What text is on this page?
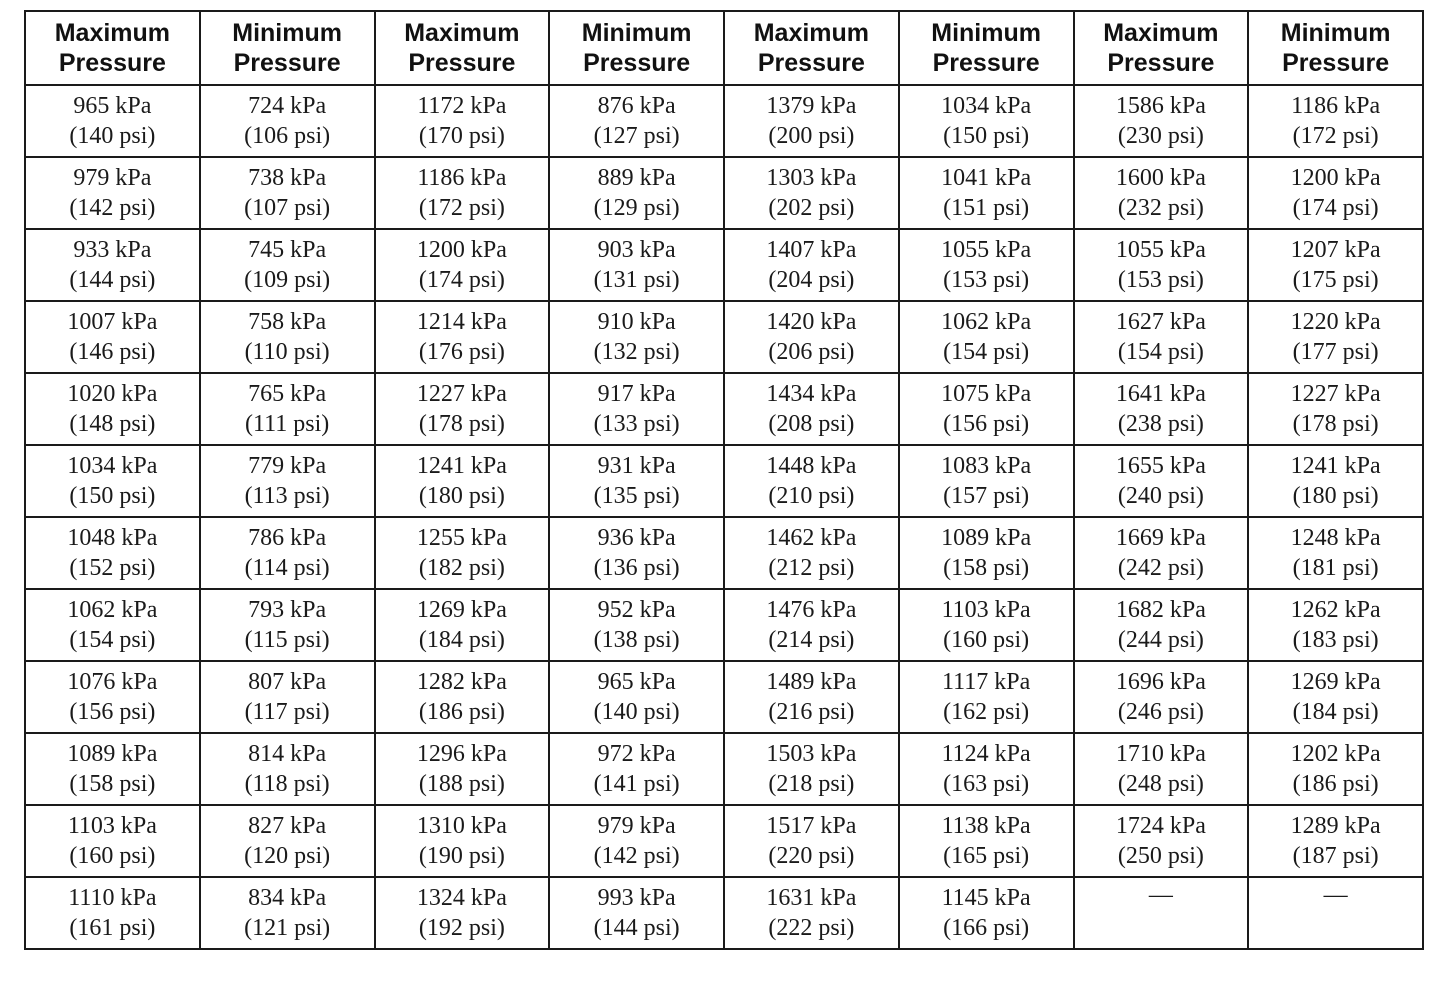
Maximum
Pressure	Minimum
Pressure	Maximum
Pressure	Minimum
Pressure	Maximum
Pressure	Minimum
Pressure	Maximum
Pressure	Minimum
Pressure

965 kPa
(140 psi)	724 kPa
(106 psi)	1172 kPa
(170 psi)	876 kPa
(127 psi)	1379 kPa
(200 psi)	1034 kPa
(150 psi)	1586 kPa
(230 psi)	1186 kPa
(172 psi)

979 kPa
(142 psi)	738 kPa
(107 psi)	1186 kPa
(172 psi)	889 kPa
(129 psi)	1303 kPa
(202 psi)	1041 kPa
(151 psi)	1600 kPa
(232 psi)	1200 kPa
(174 psi)

933 kPa
(144 psi)	745 kPa
(109 psi)	1200 kPa
(174 psi)	903 kPa
(131 psi)	1407 kPa
(204 psi)	1055 kPa
(153 psi)	1055 kPa
(153 psi)	1207 kPa
(175 psi)

1007 kPa
(146 psi)	758 kPa
(110 psi)	1214 kPa
(176 psi)	910 kPa
(132 psi)	1420 kPa
(206 psi)	1062 kPa
(154 psi)	1627 kPa
(154 psi)	1220 kPa
(177 psi)

1020 kPa
(148 psi)	765 kPa
(111 psi)	1227 kPa
(178 psi)	917 kPa
(133 psi)	1434 kPa
(208 psi)	1075 kPa
(156 psi)	1641 kPa
(238 psi)	1227 kPa
(178 psi)

1034 kPa
(150 psi)	779 kPa
(113 psi)	1241 kPa
(180 psi)	931 kPa
(135 psi)	1448 kPa
(210 psi)	1083 kPa
(157 psi)	1655 kPa
(240 psi)	1241 kPa
(180 psi)

1048 kPa
(152 psi)	786 kPa
(114 psi)	1255 kPa
(182 psi)	936 kPa
(136 psi)	1462 kPa
(212 psi)	1089 kPa
(158 psi)	1669 kPa
(242 psi)	1248 kPa
(181 psi)

1062 kPa
(154 psi)	793 kPa
(115 psi)	1269 kPa
(184 psi)	952 kPa
(138 psi)	1476 kPa
(214 psi)	1103 kPa
(160 psi)	1682 kPa
(244 psi)	1262 kPa
(183 psi)

1076 kPa
(156 psi)	807 kPa
(117 psi)	1282 kPa
(186 psi)	965 kPa
(140 psi)	1489 kPa
(216 psi)	1117 kPa
(162 psi)	1696 kPa
(246 psi)	1269 kPa
(184 psi)

1089 kPa
(158 psi)	814 kPa
(118 psi)	1296 kPa
(188 psi)	972 kPa
(141 psi)	1503 kPa
(218 psi)	1124 kPa
(163 psi)	1710 kPa
(248 psi)	1202 kPa
(186 psi)

1103 kPa
(160 psi)	827 kPa
(120 psi)	1310 kPa
(190 psi)	979 kPa
(142 psi)	1517 kPa
(220 psi)	1138 kPa
(165 psi)	1724 kPa
(250 psi)	1289 kPa
(187 psi)

1110 kPa
(161 psi)	834 kPa
(121 psi)	1324 kPa
(192 psi)	993 kPa
(144 psi)	1631 kPa
(222 psi)	1145 kPa
(166 psi)	—	—
